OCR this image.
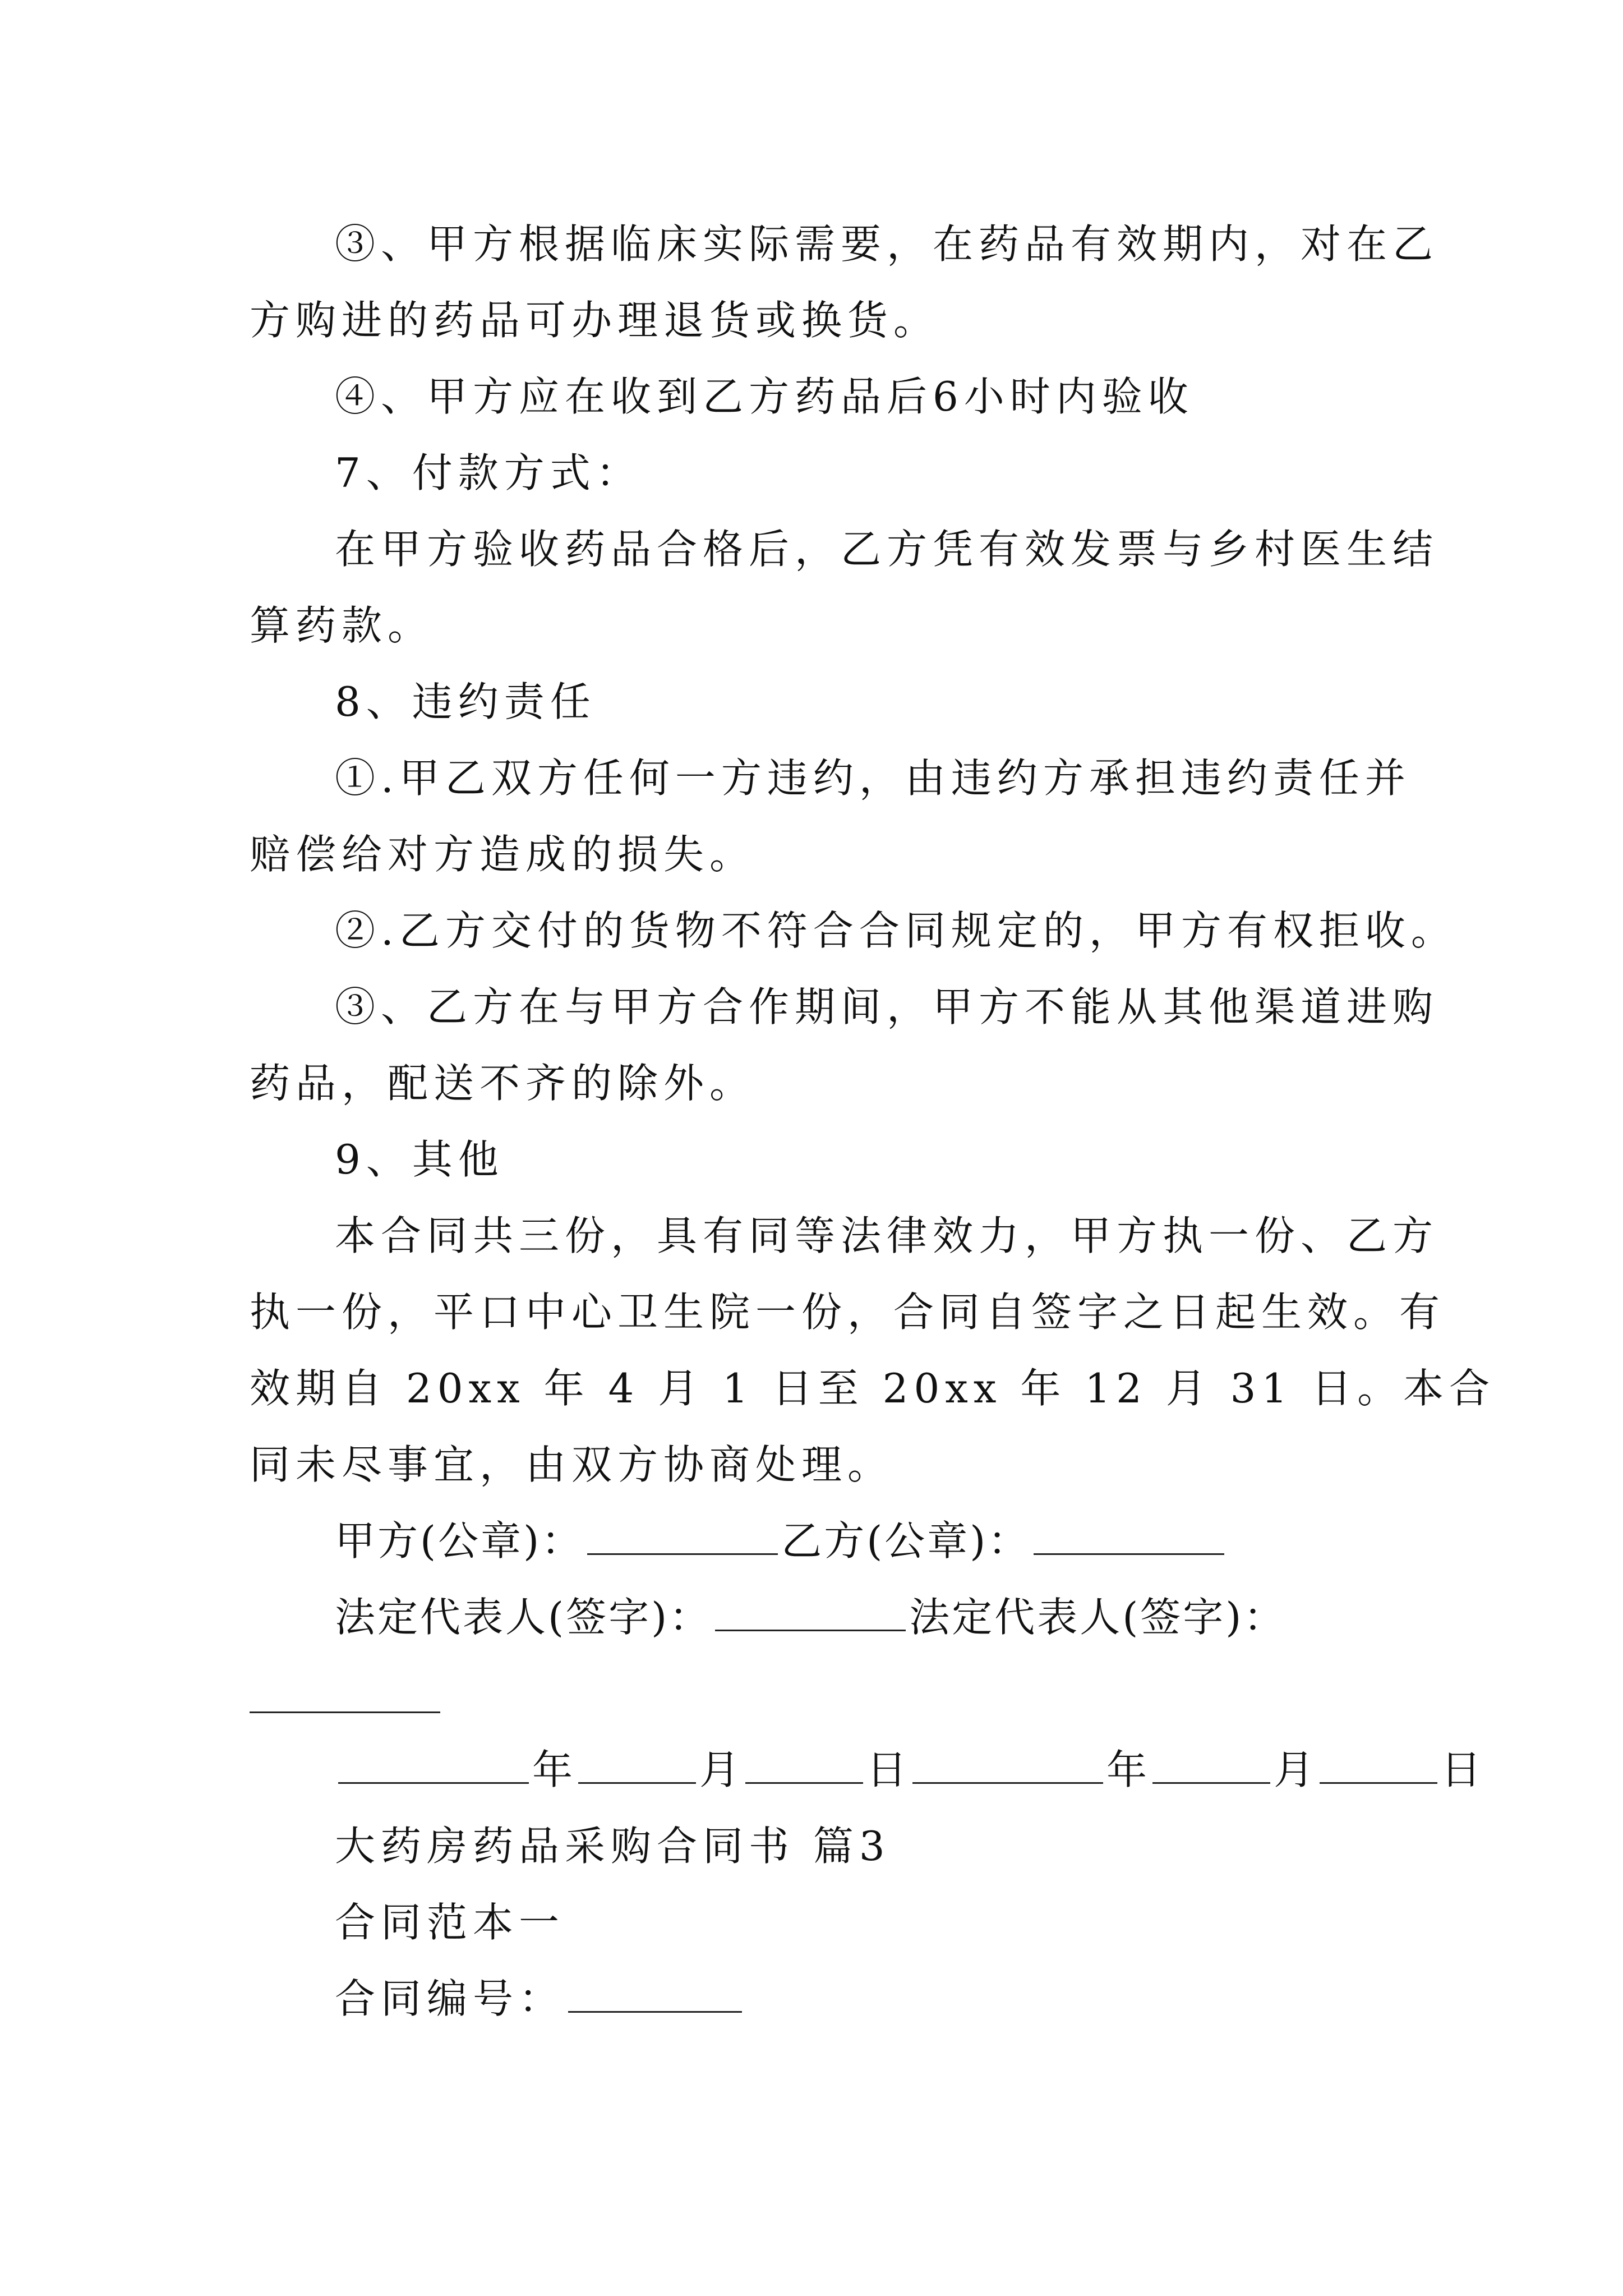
③、甲方根据临床实际需要，在药品有效期内，对在乙
方购进的药品可办理退货或换货。
④、甲方应在收到乙方药品后6小时内验收
7、付款方式：
在甲方验收药品合格后，乙方凭有效发票与乡村医生结
算药款。
8、违约责任
①.甲乙双方任何一方违约，由违约方承担违约责任并
赔偿给对方造成的损失。
②.乙方交付的货物不符合合同规定的，甲方有权拒收。
③、乙方在与甲方合作期间，甲方不能从其他渠道进购
药品，配送不齐的除外。
9、其他
本合同共三份，具有同等法律效力，甲方执一份、乙方
执一份，平口中心卫生院一份，合同自签字之日起生效。有
效期自 20xx 年 4 月 1 日至 20xx 年 12 月 31 日。本合
同未尽事宜，由双方协商处理。
甲方(公章)：	乙方(公章)：
法定代表人(签字)：	法定代表人(签字)：
年	月	日	年	月	日
大药房药品采购合同书 篇3
合同范本一
合同编号：
